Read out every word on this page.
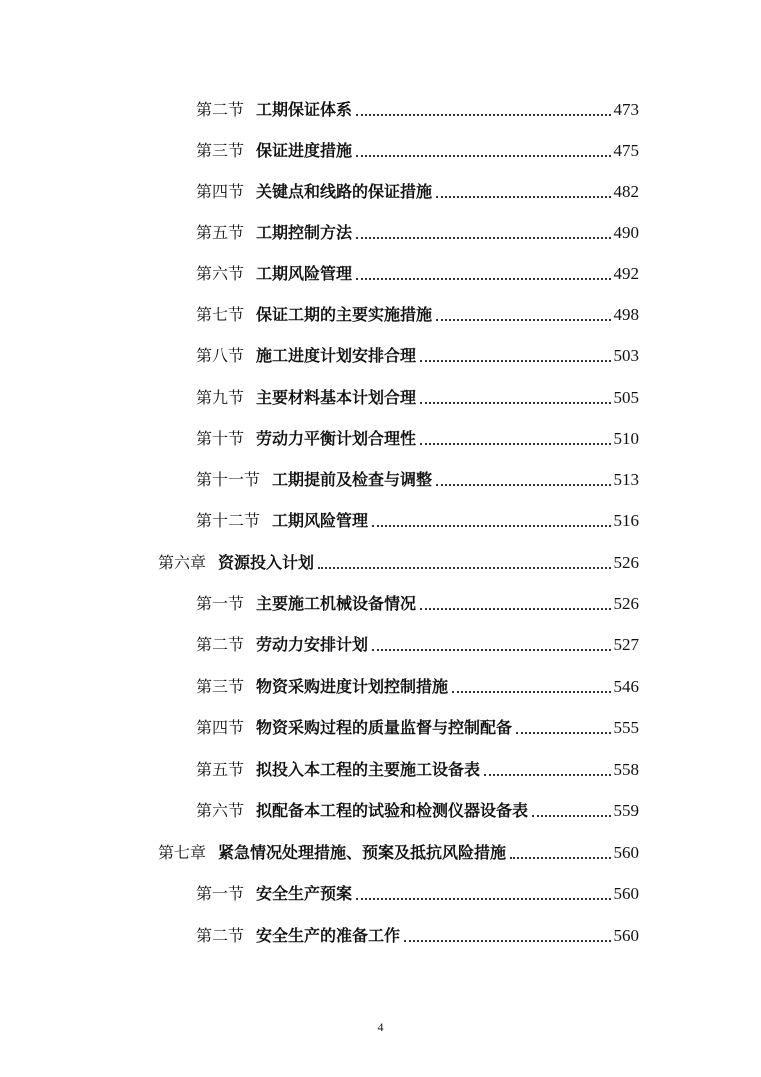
第二节 工期保证体系	473
第三节 保证进度措施	475
第四节 关键点和线路的保证措施	482
第五节 工期控制方法	490
第六节 工期风险管理	492
第七节 保证工期的主要实施措施	498
第八节 施工进度计划安排合理	503
第九节 主要材料基本计划合理	505
第十节 劳动力平衡计划合理性	510
第十一节 工期提前及检查与调整	513
第十二节 工期风险管理	516
第六章 资源投入计划	526
第一节 主要施工机械设备情况	526
第二节 劳动力安排计划	527
第三节 物资采购进度计划控制措施	546
第四节 物资采购过程的质量监督与控制配备	555
第五节 拟投入本工程的主要施工设备表	558
第六节 拟配备本工程的试验和检测仪器设备表	559
第七章 紧急情况处理措施、预案及抵抗风险措施	560
第一节 安全生产预案	560
第二节 安全生产的准备工作	560
4
